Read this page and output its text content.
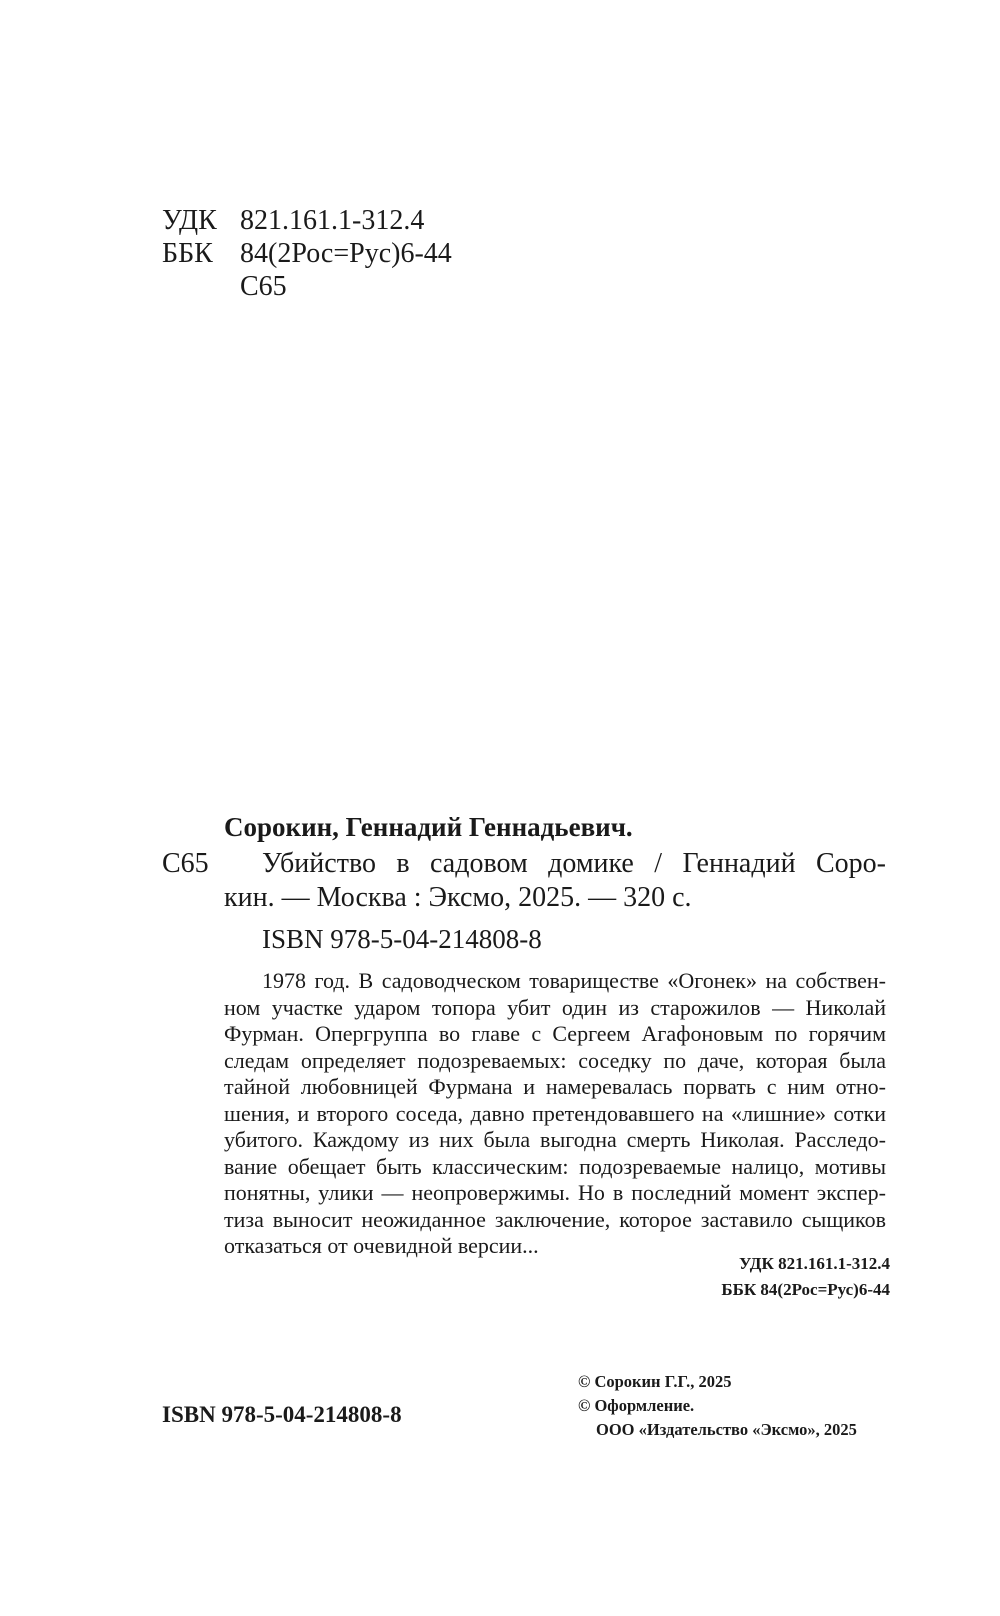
УДК 821.161.1-312.4
ББК 84(2Рос=Рус)6-44
С65
Сорокин, Геннадий Геннадьевич.
С65 Убийство в садовом домике / Геннадий Соро-
кин. — Москва : Эксмо, 2025. — 320 с.
ISBN 978-5-04-214808-8
1978 год. В садоводческом товариществе «Огонек» на собствен-
ном участке ударом топора убит один из старожилов — Николай
Фурман. Опергруппа во главе с Сергеем Агафоновым по горячим
следам определяет подозреваемых: соседку по даче, которая была
тайной любовницей Фурмана и намеревалась порвать с ним отно-
шения, и второго соседа, давно претендовавшего на «лишние» сотки
убитого. Каждому из них была выгодна смерть Николая. Расследо-
вание обещает быть классическим: подозреваемые налицо, мотивы
понятны, улики — неопровержимы. Но в последний момент экспер-
тиза выносит неожиданное заключение, которое заставило сыщиков
отказаться от очевидной версии...
УДК 821.161.1-312.4
ББК 84(2Рос=Рус)6-44
ISBN 978-5-04-214808-8
© Сорокин Г.Г., 2025
© Оформление.
ООО «Издательство «Эксмо», 2025
